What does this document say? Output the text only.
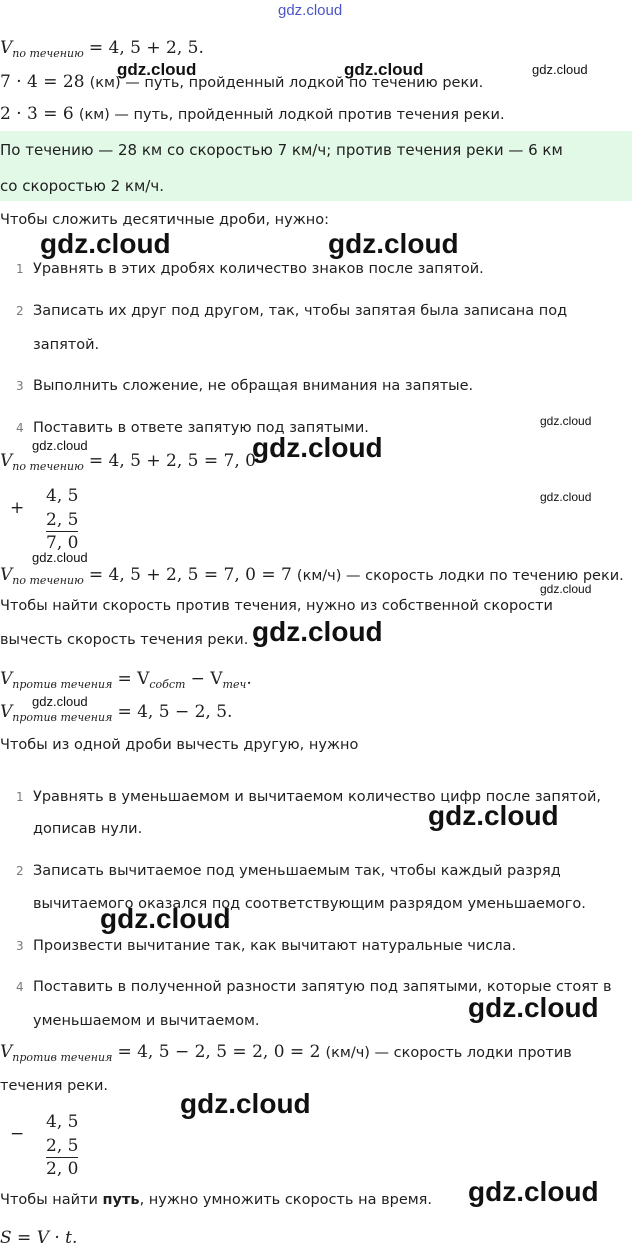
gdz.cloud
$V_{по течению} = 4$, 5 + 2, 5.
7 · 4 = 28 (км) — путь, пройденный лодкой по течению реки.
2 · 3 = 6 (км) — путь, пройденный лодкой против течения реки.
По течению — 28 км со скоростью 7 км/ч; против течения реки — 6 км
со скоростью 2 км/ч.
Чтобы сложить десятичные дроби, нужно:
1 Уравнять в этих дробях количество знаков после запятой.
2 Записать их друг под другом, так, чтобы запятая была записана под
запятой.
3 Выполнить сложение, не обращая внимания на запятые.
4 Поставить в ответе запятую под запятыми.
$V_{по течению} = 4$, 5 + 2, 5 = 7, 0
+
4, 5
2, 5
7, 0
$V_{по течению} = 4$, 5 + 2, 5 = 7, 0 = 7 (км/ч) — скорость лодки по течению реки.
Чтобы найти скорость против течения, нужно из собственной скорости
вычесть скорость течения реки.
$V_{против течения} = V_{собст} - V_{теч}$.
$V_{против течения} = 4$, 5 − 2, 5.
Чтобы из одной дроби вычесть другую, нужно
1 Уравнять в уменьшаемом и вычитаемом количество цифр после запятой,
дописав нули.
2 Записать вычитаемое под уменьшаемым так, чтобы каждый разряд
вычитаемого оказался под соответствующим разрядом уменьшаемого.
3 Произвести вычитание так, как вычитают натуральные числа.
4 Поставить в полученной разности запятую под запятыми, которые стоят в
уменьшаемом и вычитаемом.
$V_{против течения} = 4$, 5 − 2, 5 = 2, 0 = 2 (км/ч) — скорость лодки против
течения реки.
−
4, 5
2, 5
2, 0
Чтобы найти путь, нужно умножить скорость на время.
S = V · t.
gdz.cloud	gdz.cloud	gdz.cloud
gdz.cloud	gdz.cloud
gdz.cloud	gdz.cloud
gdz.cloud
gdz.cloud
gdz.cloud
gdz.cloud
gdz.cloud
gdz.cloud
gdz.cloud
gdz.cloud
gdz.cloud
gdz.cloud
gdz.cloud
